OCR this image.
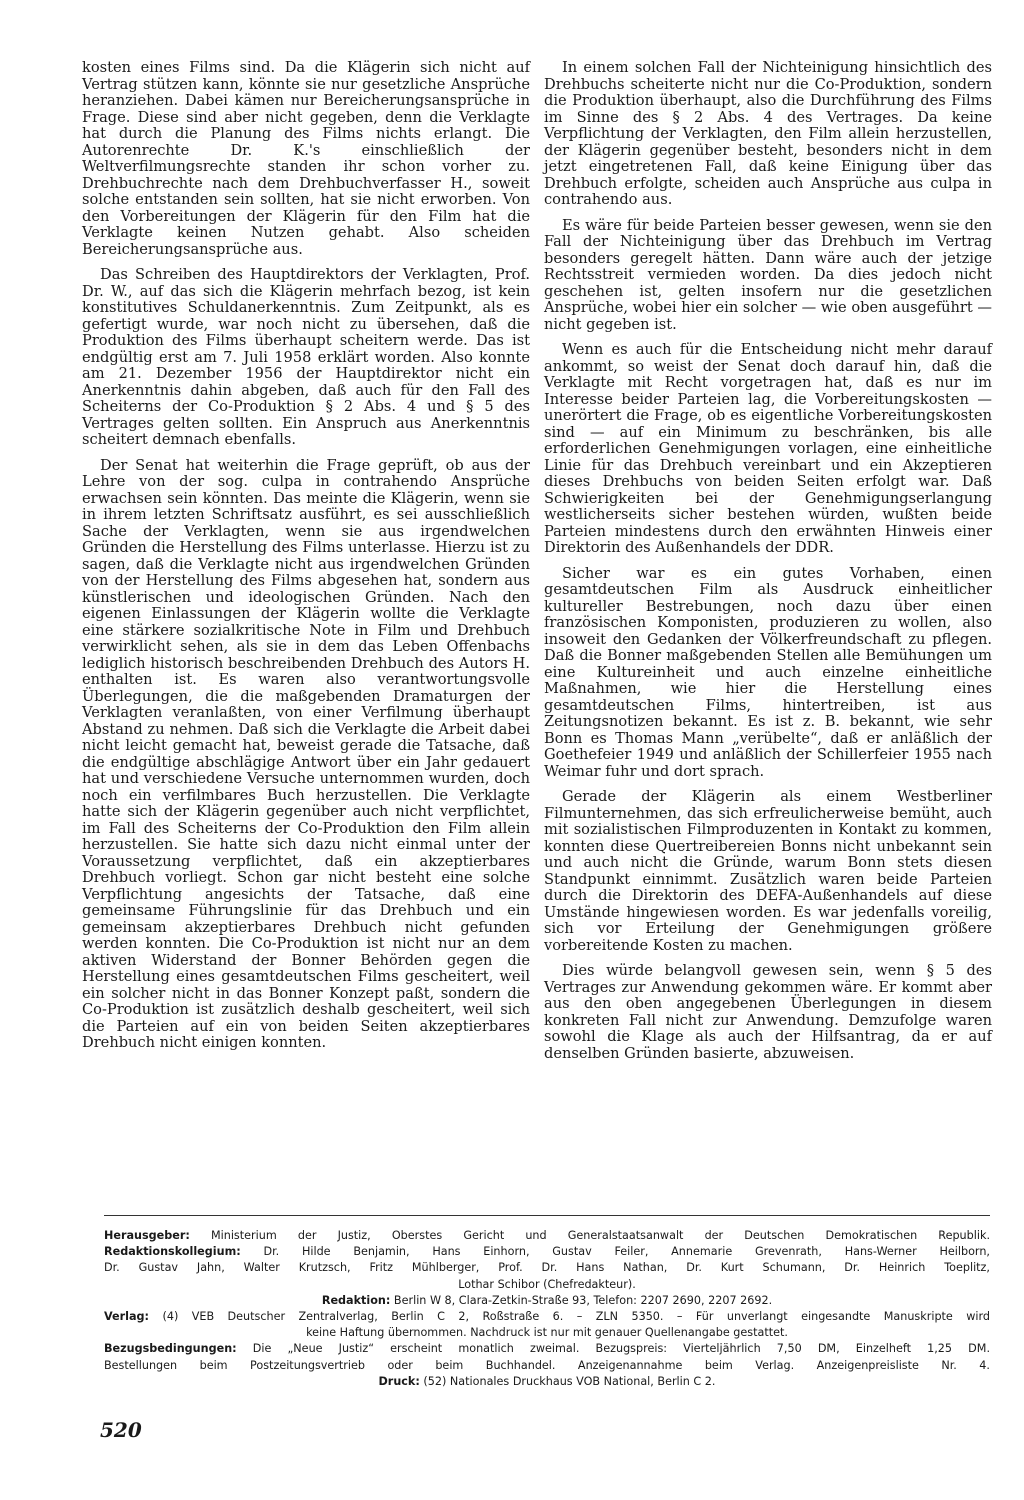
kosten eines Films sind. Da die Klägerin sich nicht auf Vertrag stützen kann, könnte sie nur gesetzliche Ansprüche heranziehen. Dabei kämen nur Bereicherungsansprüche in Frage. Diese sind aber nicht gegeben, denn die Verklagte hat durch die Planung des Films nichts erlangt. Die Autorenrechte Dr. K.'s einschließlich der Weltverfilmungsrechte standen ihr schon vorher zu. Drehbuchrechte nach dem Drehbuchverfasser H., soweit solche entstanden sein sollten, hat sie nicht erworben. Von den Vorbereitungen der Klägerin für den Film hat die Verklagte keinen Nutzen gehabt. Also scheiden Bereicherungsansprüche aus.

Das Schreiben des Hauptdirektors der Verklagten, Prof. Dr. W., auf das sich die Klägerin mehrfach bezog, ist kein konstitutives Schuldanerkenntnis. Zum Zeitpunkt, als es gefertigt wurde, war noch nicht zu übersehen, daß die Produktion des Films überhaupt scheitern werde. Das ist endgültig erst am 7. Juli 1958 erklärt worden. Also konnte am 21. Dezember 1956 der Hauptdirektor nicht ein Anerkenntnis dahin abgeben, daß auch für den Fall des Scheiterns der Co-Produktion § 2 Abs. 4 und § 5 des Vertrages gelten sollten. Ein Anspruch aus Anerkenntnis scheitert demnach ebenfalls.

Der Senat hat weiterhin die Frage geprüft, ob aus der Lehre von der sog. culpa in contrahendo Ansprüche erwachsen sein könnten. Das meinte die Klägerin, wenn sie in ihrem letzten Schriftsatz ausführt, es sei ausschließlich Sache der Verklagten, wenn sie aus irgendwelchen Gründen die Herstellung des Films unterlasse. Hierzu ist zu sagen, daß die Verklagte nicht aus irgendwelchen Gründen von der Herstellung des Films abgesehen hat, sondern aus künstlerischen und ideologischen Gründen. Nach den eigenen Einlassungen der Klägerin wollte die Verklagte eine stärkere sozialkritische Note in Film und Drehbuch verwirklicht sehen, als sie in dem das Leben Offenbachs lediglich historisch beschreibenden Drehbuch des Autors H. enthalten ist. Es waren also verantwortungsvolle Überlegungen, die die maßgebenden Dramaturgen der Verklagten veranlaßten, von einer Verfilmung überhaupt Abstand zu nehmen. Daß sich die Verklagte die Arbeit dabei nicht leicht gemacht hat, beweist gerade die Tatsache, daß die endgültige abschlägige Antwort über ein Jahr gedauert hat und verschiedene Versuche unternommen wurden, doch noch ein verfilmbares Buch herzustellen. Die Verklagte hatte sich der Klägerin gegenüber auch nicht verpflichtet, im Fall des Scheiterns der Co-Produktion den Film allein herzustellen. Sie hatte sich dazu nicht einmal unter der Voraussetzung verpflichtet, daß ein akzeptierbares Drehbuch vorliegt. Schon gar nicht besteht eine solche Verpflichtung angesichts der Tatsache, daß eine gemeinsame Führungslinie für das Drehbuch und ein gemeinsam akzeptierbares Drehbuch nicht gefunden werden konnten. Die Co-Produktion ist nicht nur an dem aktiven Widerstand der Bonner Behörden gegen die Herstellung eines gesamtdeutschen Films gescheitert, weil ein solcher nicht in das Bonner Konzept paßt, sondern die Co-Produktion ist zusätzlich deshalb gescheitert, weil sich die Parteien auf ein von beiden Seiten akzeptierbares Drehbuch nicht einigen konnten.

In einem solchen Fall der Nichteinigung hinsichtlich des Drehbuchs scheiterte nicht nur die Co-Produktion, sondern die Produktion überhaupt, also die Durchführung des Films im Sinne des § 2 Abs. 4 des Vertrages. Da keine Verpflichtung der Verklagten, den Film allein herzustellen, der Klägerin gegenüber besteht, besonders nicht in dem jetzt eingetretenen Fall, daß keine Einigung über das Drehbuch erfolgte, scheiden auch Ansprüche aus culpa in contrahendo aus.

Es wäre für beide Parteien besser gewesen, wenn sie den Fall der Nichteinigung über das Drehbuch im Vertrag besonders geregelt hätten. Dann wäre auch der jetzige Rechtsstreit vermieden worden. Da dies jedoch nicht geschehen ist, gelten insofern nur die gesetzlichen Ansprüche, wobei hier ein solcher — wie oben ausgeführt — nicht gegeben ist.

Wenn es auch für die Entscheidung nicht mehr darauf ankommt, so weist der Senat doch darauf hin, daß die Verklagte mit Recht vorgetragen hat, daß es nur im Interesse beider Parteien lag, die Vorbereitungskosten — unerörtert die Frage, ob es eigentliche Vorbereitungskosten sind — auf ein Minimum zu beschränken, bis alle erforderlichen Genehmigungen vorlagen, eine einheitliche Linie für das Drehbuch vereinbart und ein Akzeptieren dieses Drehbuchs von beiden Seiten erfolgt war. Daß Schwierigkeiten bei der Genehmigungserlangung westlicherseits sicher bestehen würden, wußten beide Parteien mindestens durch den erwähnten Hinweis einer Direktorin des Außenhandels der DDR.

Sicher war es ein gutes Vorhaben, einen gesamtdeutschen Film als Ausdruck einheitlicher kultureller Bestrebungen, noch dazu über einen französischen Komponisten, produzieren zu wollen, also insoweit den Gedanken der Völkerfreundschaft zu pflegen. Daß die Bonner maßgebenden Stellen alle Bemühungen um eine Kultureinheit und auch einzelne einheitliche Maßnahmen, wie hier die Herstellung eines gesamtdeutschen Films, hintertreiben, ist aus Zeitungsnotizen bekannt. Es ist z. B. bekannt, wie sehr Bonn es Thomas Mann „verübelte“, daß er anläßlich der Goethefeier 1949 und anläßlich der Schillerfeier 1955 nach Weimar fuhr und dort sprach.

Gerade der Klägerin als einem Westberliner Filmunternehmen, das sich erfreulicherweise bemüht, auch mit sozialistischen Filmproduzenten in Kontakt zu kommen, konnten diese Quertreibereien Bonns nicht unbekannt sein und auch nicht die Gründe, warum Bonn stets diesen Standpunkt einnimmt. Zusätzlich waren beide Parteien durch die Direktorin des DEFA-Außenhandels auf diese Umstände hingewiesen worden. Es war jedenfalls voreilig, sich vor Erteilung der Genehmigungen größere vorbereitende Kosten zu machen.

Dies würde belangvoll gewesen sein, wenn § 5 des Vertrages zur Anwendung gekommen wäre. Er kommt aber aus den oben angegebenen Überlegungen in diesem konkreten Fall nicht zur Anwendung. Demzufolge waren sowohl die Klage als auch der Hilfsantrag, da er auf denselben Gründen basierte, abzuweisen.

Herausgeber: Ministerium der Justiz, Oberstes Gericht und Generalstaatsanwalt der Deutschen Demokratischen Republik.
Redaktionskollegium: Dr. Hilde Benjamin, Hans Einhorn, Gustav Feiler, Annemarie Grevenrath, Hans-Werner Heilborn,
Dr. Gustav Jahn, Walter Krutzsch, Fritz Mühlberger, Prof. Dr. Hans Nathan, Dr. Kurt Schumann, Dr. Heinrich Toeplitz,
Lothar Schibor (Chefredakteur).
Redaktion: Berlin W 8, Clara-Zetkin-Straße 93, Telefon: 2207 2690, 2207 2692.
Verlag: (4) VEB Deutscher Zentralverlag, Berlin C 2, Roßstraße 6. – ZLN 5350. – Für unverlangt eingesandte Manuskripte wird
keine Haftung übernommen. Nachdruck ist nur mit genauer Quellenangabe gestattet.
Bezugsbedingungen: Die „Neue Justiz“ erscheint monatlich zweimal. Bezugspreis: Vierteljährlich 7,50 DM, Einzelheft 1,25 DM.
Bestellungen beim Postzeitungsvertrieb oder beim Buchhandel. Anzeigenannahme beim Verlag. Anzeigenpreisliste Nr. 4.
Druck: (52) Nationales Druckhaus VOB National, Berlin C 2.
520
